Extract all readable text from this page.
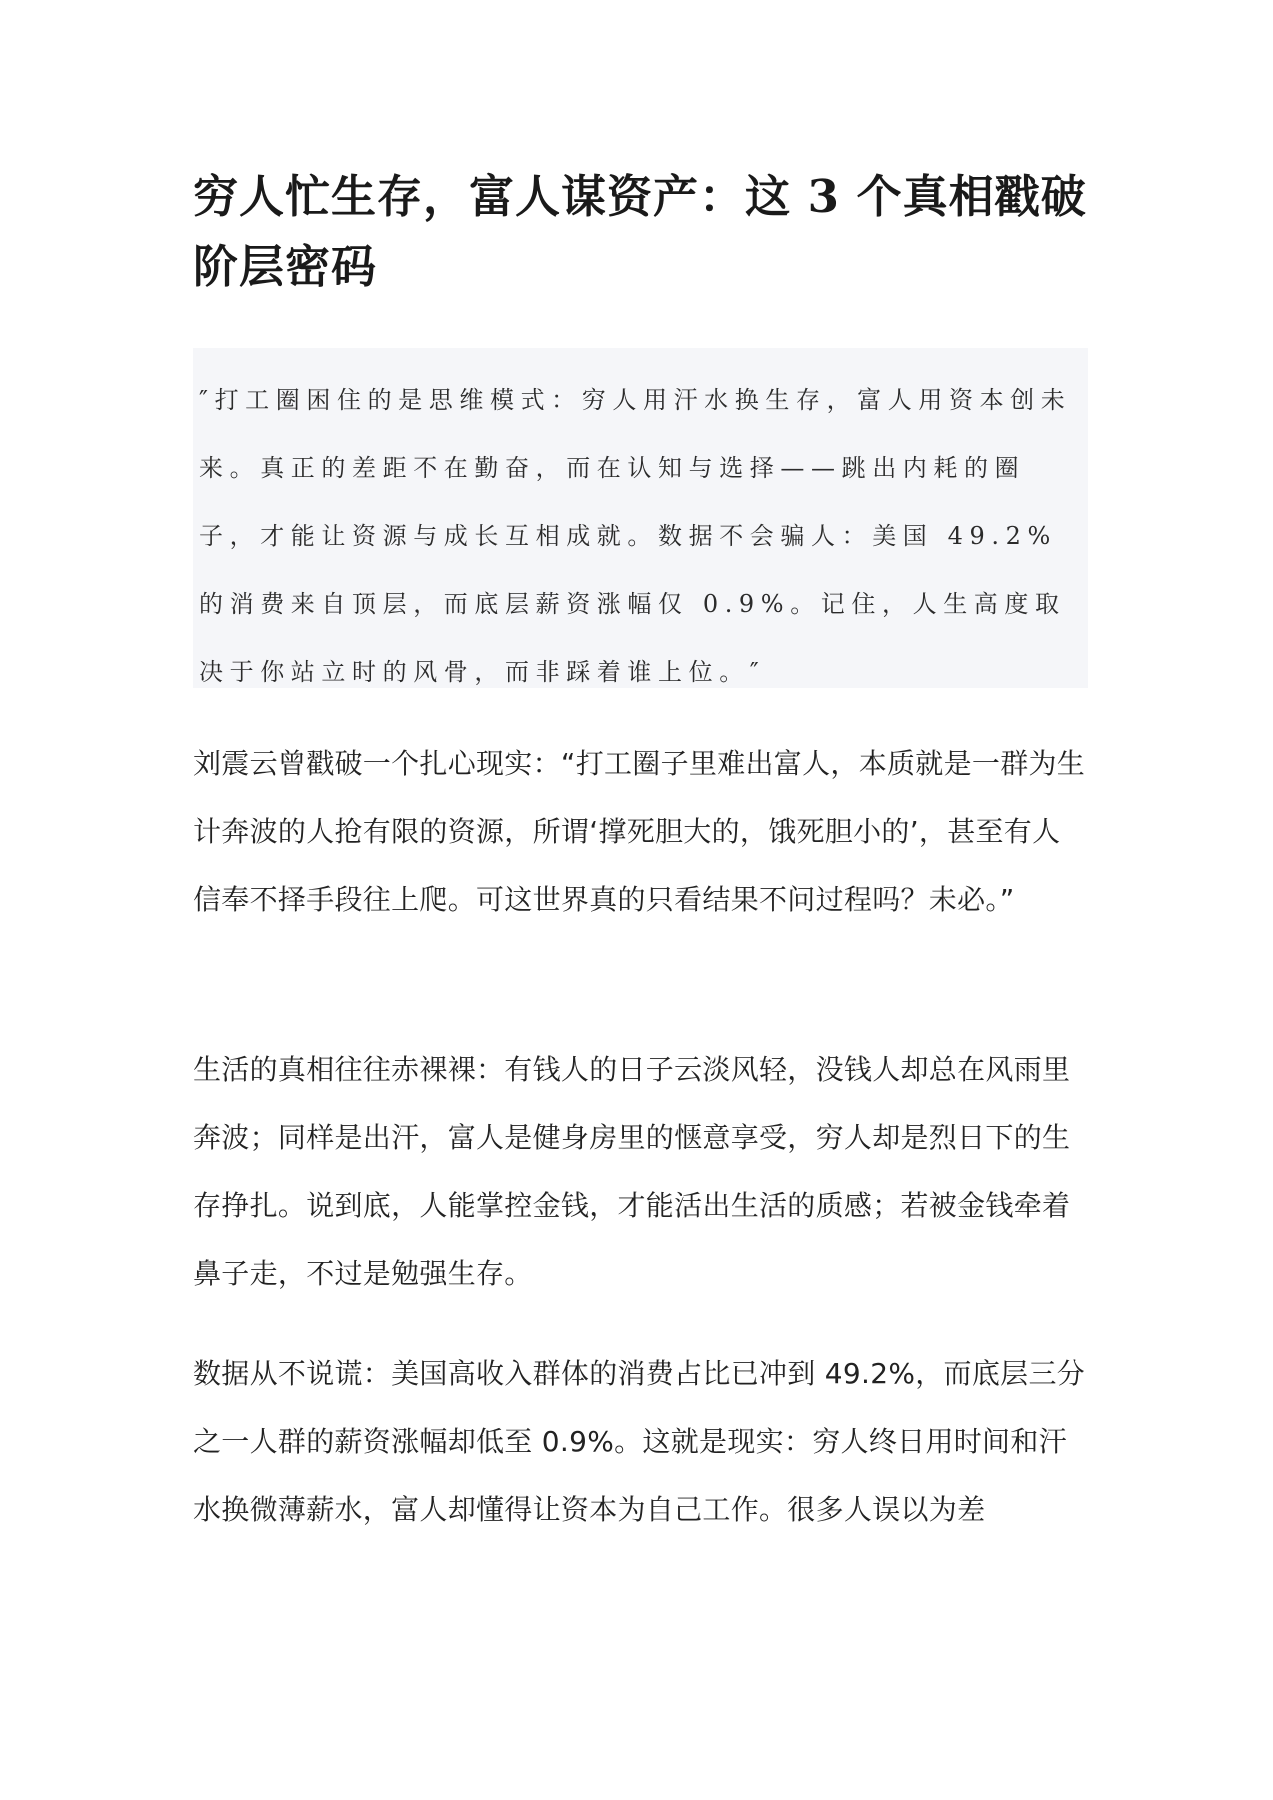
穷人忙生存，富人谋资产：这 3 个真相戳破阶层密码

″打工圈困住的是思维模式：穷人用汗水换生存，富人用资本创未来。真正的差距不在勤奋，而在认知与选择——跳出内耗的圈子，才能让资源与成长互相成就。数据不会骗人：美国 49.2%的消费来自顶层，而底层薪资涨幅仅 0.9%。记住，人生高度取决于你站立时的风骨，而非踩着谁上位。″

刘震云曾戳破一个扎心现实：“打工圈子里难出富人，本质就是一群为生计奔波的人抢有限的资源，所谓‘撑死胆大的，饿死胆小的’，甚至有人信奉不择手段往上爬。可这世界真的只看结果不问过程吗？未必。”

生活的真相往往赤裸裸：有钱人的日子云淡风轻，没钱人却总在风雨里奔波；同样是出汗，富人是健身房里的惬意享受，穷人却是烈日下的生存挣扎。说到底，人能掌控金钱，才能活出生活的质感；若被金钱牵着鼻子走，不过是勉强生存。

数据从不说谎：美国高收入群体的消费占比已冲到 49.2%，而底层三分之一人群的薪资涨幅却低至 0.9%。这就是现实：穷人终日用时间和汗水换微薄薪水，富人却懂得让资本为自己工作。很多人误以为差
